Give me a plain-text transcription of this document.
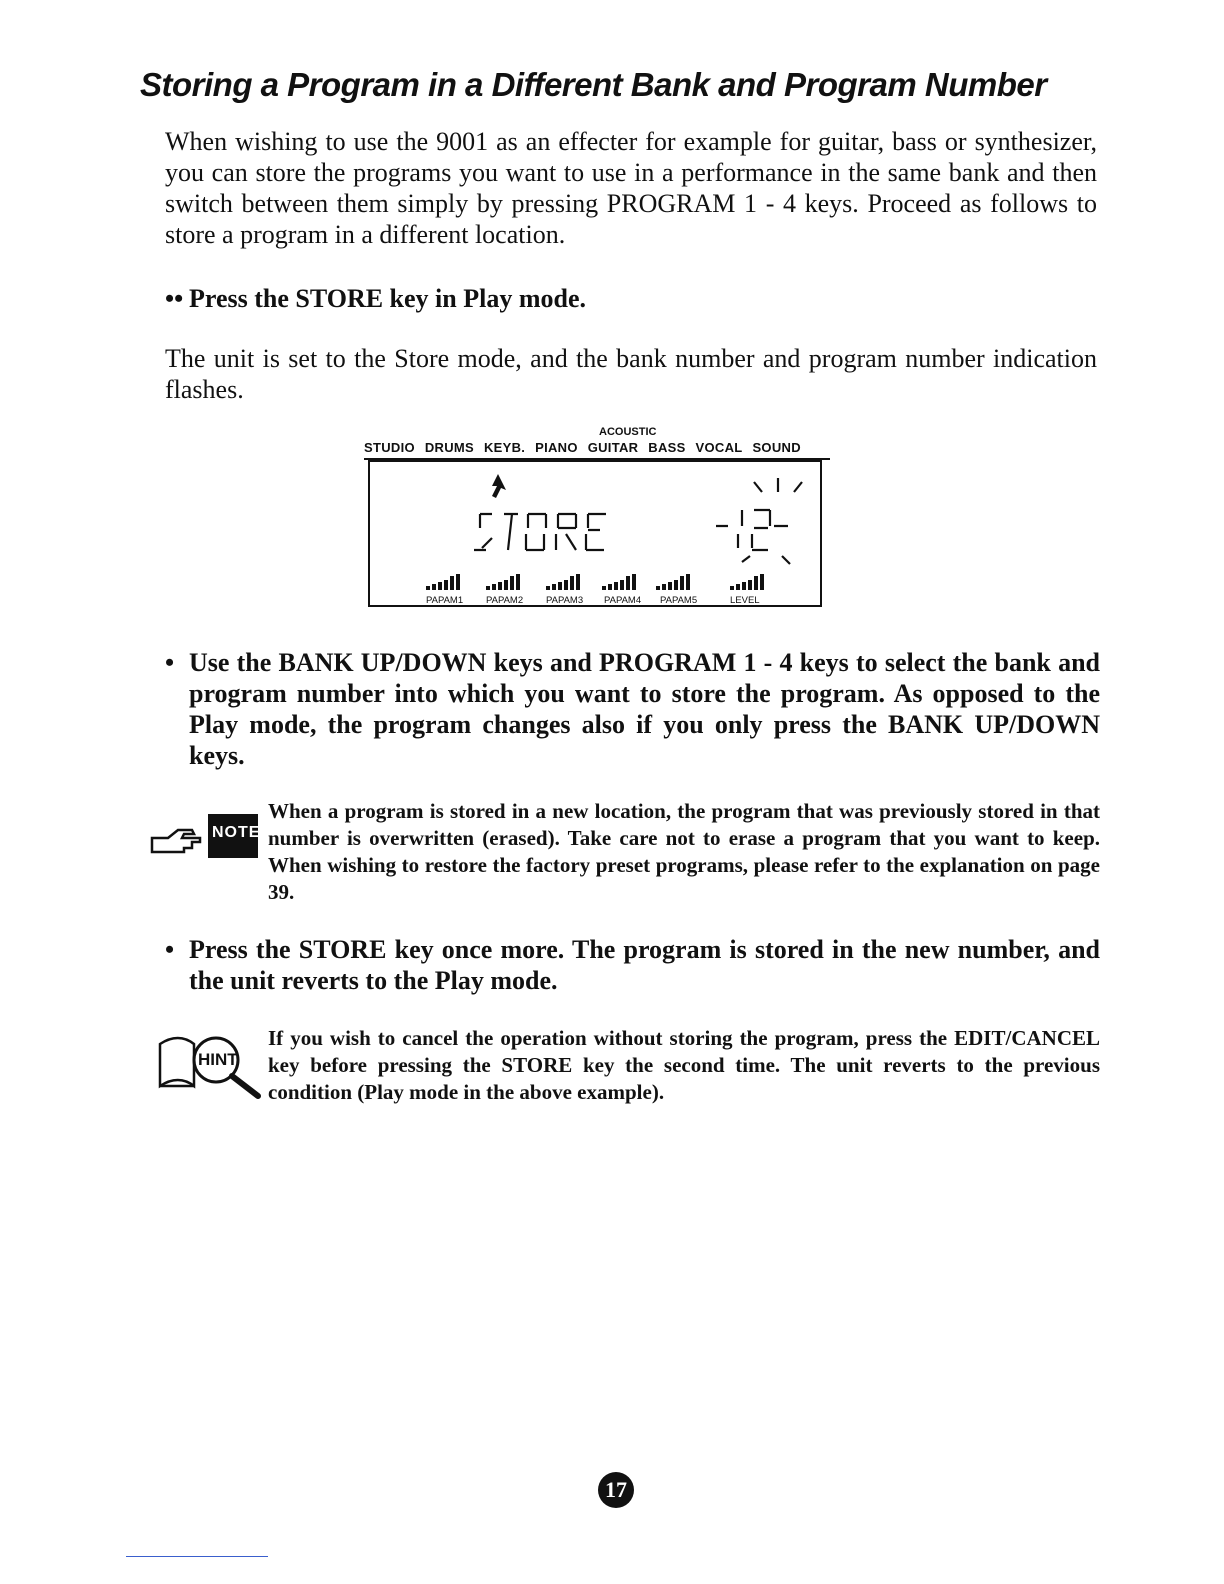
Storing a Program in a Different Bank and Program Number

When wishing to use the 9001 as an effecter for example for guitar, bass or synthesizer, you can store the programs you want to use in a performance in the same bank and then switch between them simply by pressing PROGRAM 1 - 4 keys. Proceed as follows to store a program in a different location.

•• Press the STORE key in Play mode.

The unit is set to the Store mode, and the bank number and program number indication flashes.

ACOUSTIC
STUDIO DRUMS KEYB. PIANO GUITAR BASS VOCAL SOUND
PAPAM1 PAPAM2 PAPAM3 PAPAM4 PAPAM5	LEVEL
• Use the BANK UP/DOWN keys and PROGRAM 1 - 4 keys to select the bank and program number into which you want to store the program. As opposed to the Play mode, the program changes also if you only press the BANK UP/DOWN keys.
NOTE

When a program is stored in a new location, the program that was previously stored in that number is overwritten (erased). Take care not to erase a program that you want to keep. When wishing to restore the factory preset programs, please refer to the explanation on page 39.

• Press the STORE key once more. The program is stored in the new number, and the unit reverts to the Play mode.
HINT

If you wish to cancel the operation without storing the program, press the EDIT/CANCEL key before pressing the STORE key the second time. The unit reverts to the previous condition (Play mode in the above example).

17
